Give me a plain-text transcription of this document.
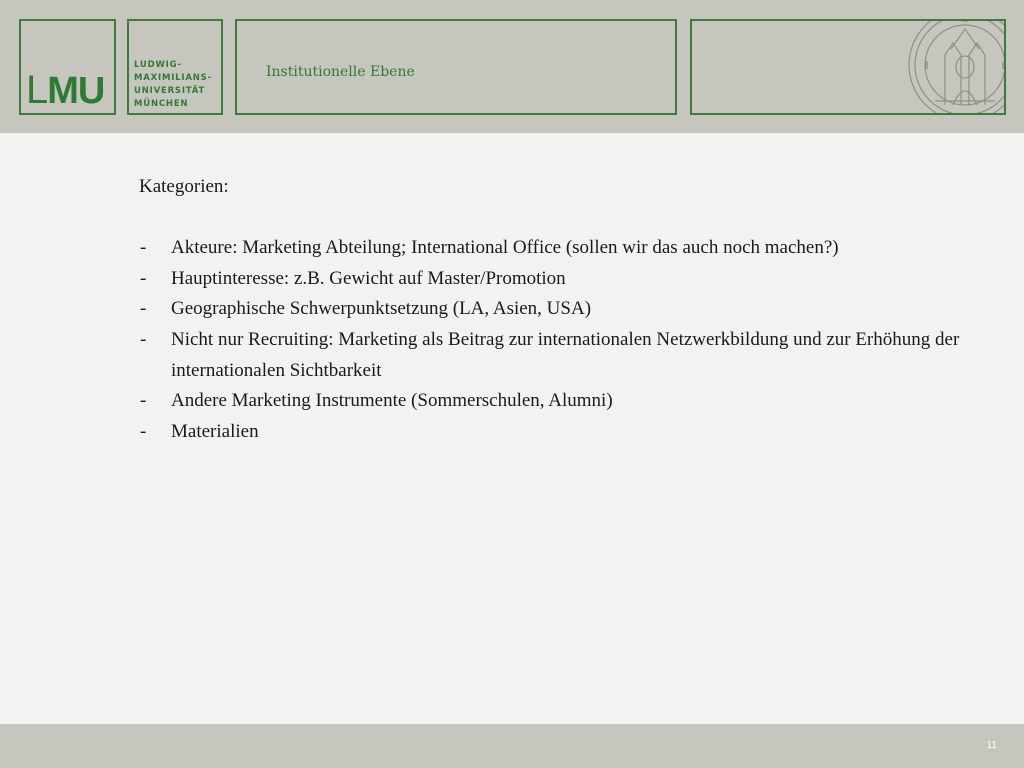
LMU
LUDWIG-
MAXIMILIANS-
UNIVERSITÄT
MÜNCHEN
Institutionelle Ebene

Kategorien:

- Akteure: Marketing Abteilung; International Office (sollen wir das auch noch machen?)
- Hauptinteresse: z.B. Gewicht auf Master/Promotion
- Geographische Schwerpunktsetzung (LA, Asien, USA)
- Nicht nur Recruiting: Marketing als Beitrag zur internationalen Netzwerkbildung und zur Erhöhung der internationalen Sichtbarkeit
- Andere Marketing Instrumente (Sommerschulen, Alumni)
- Materialien
11
